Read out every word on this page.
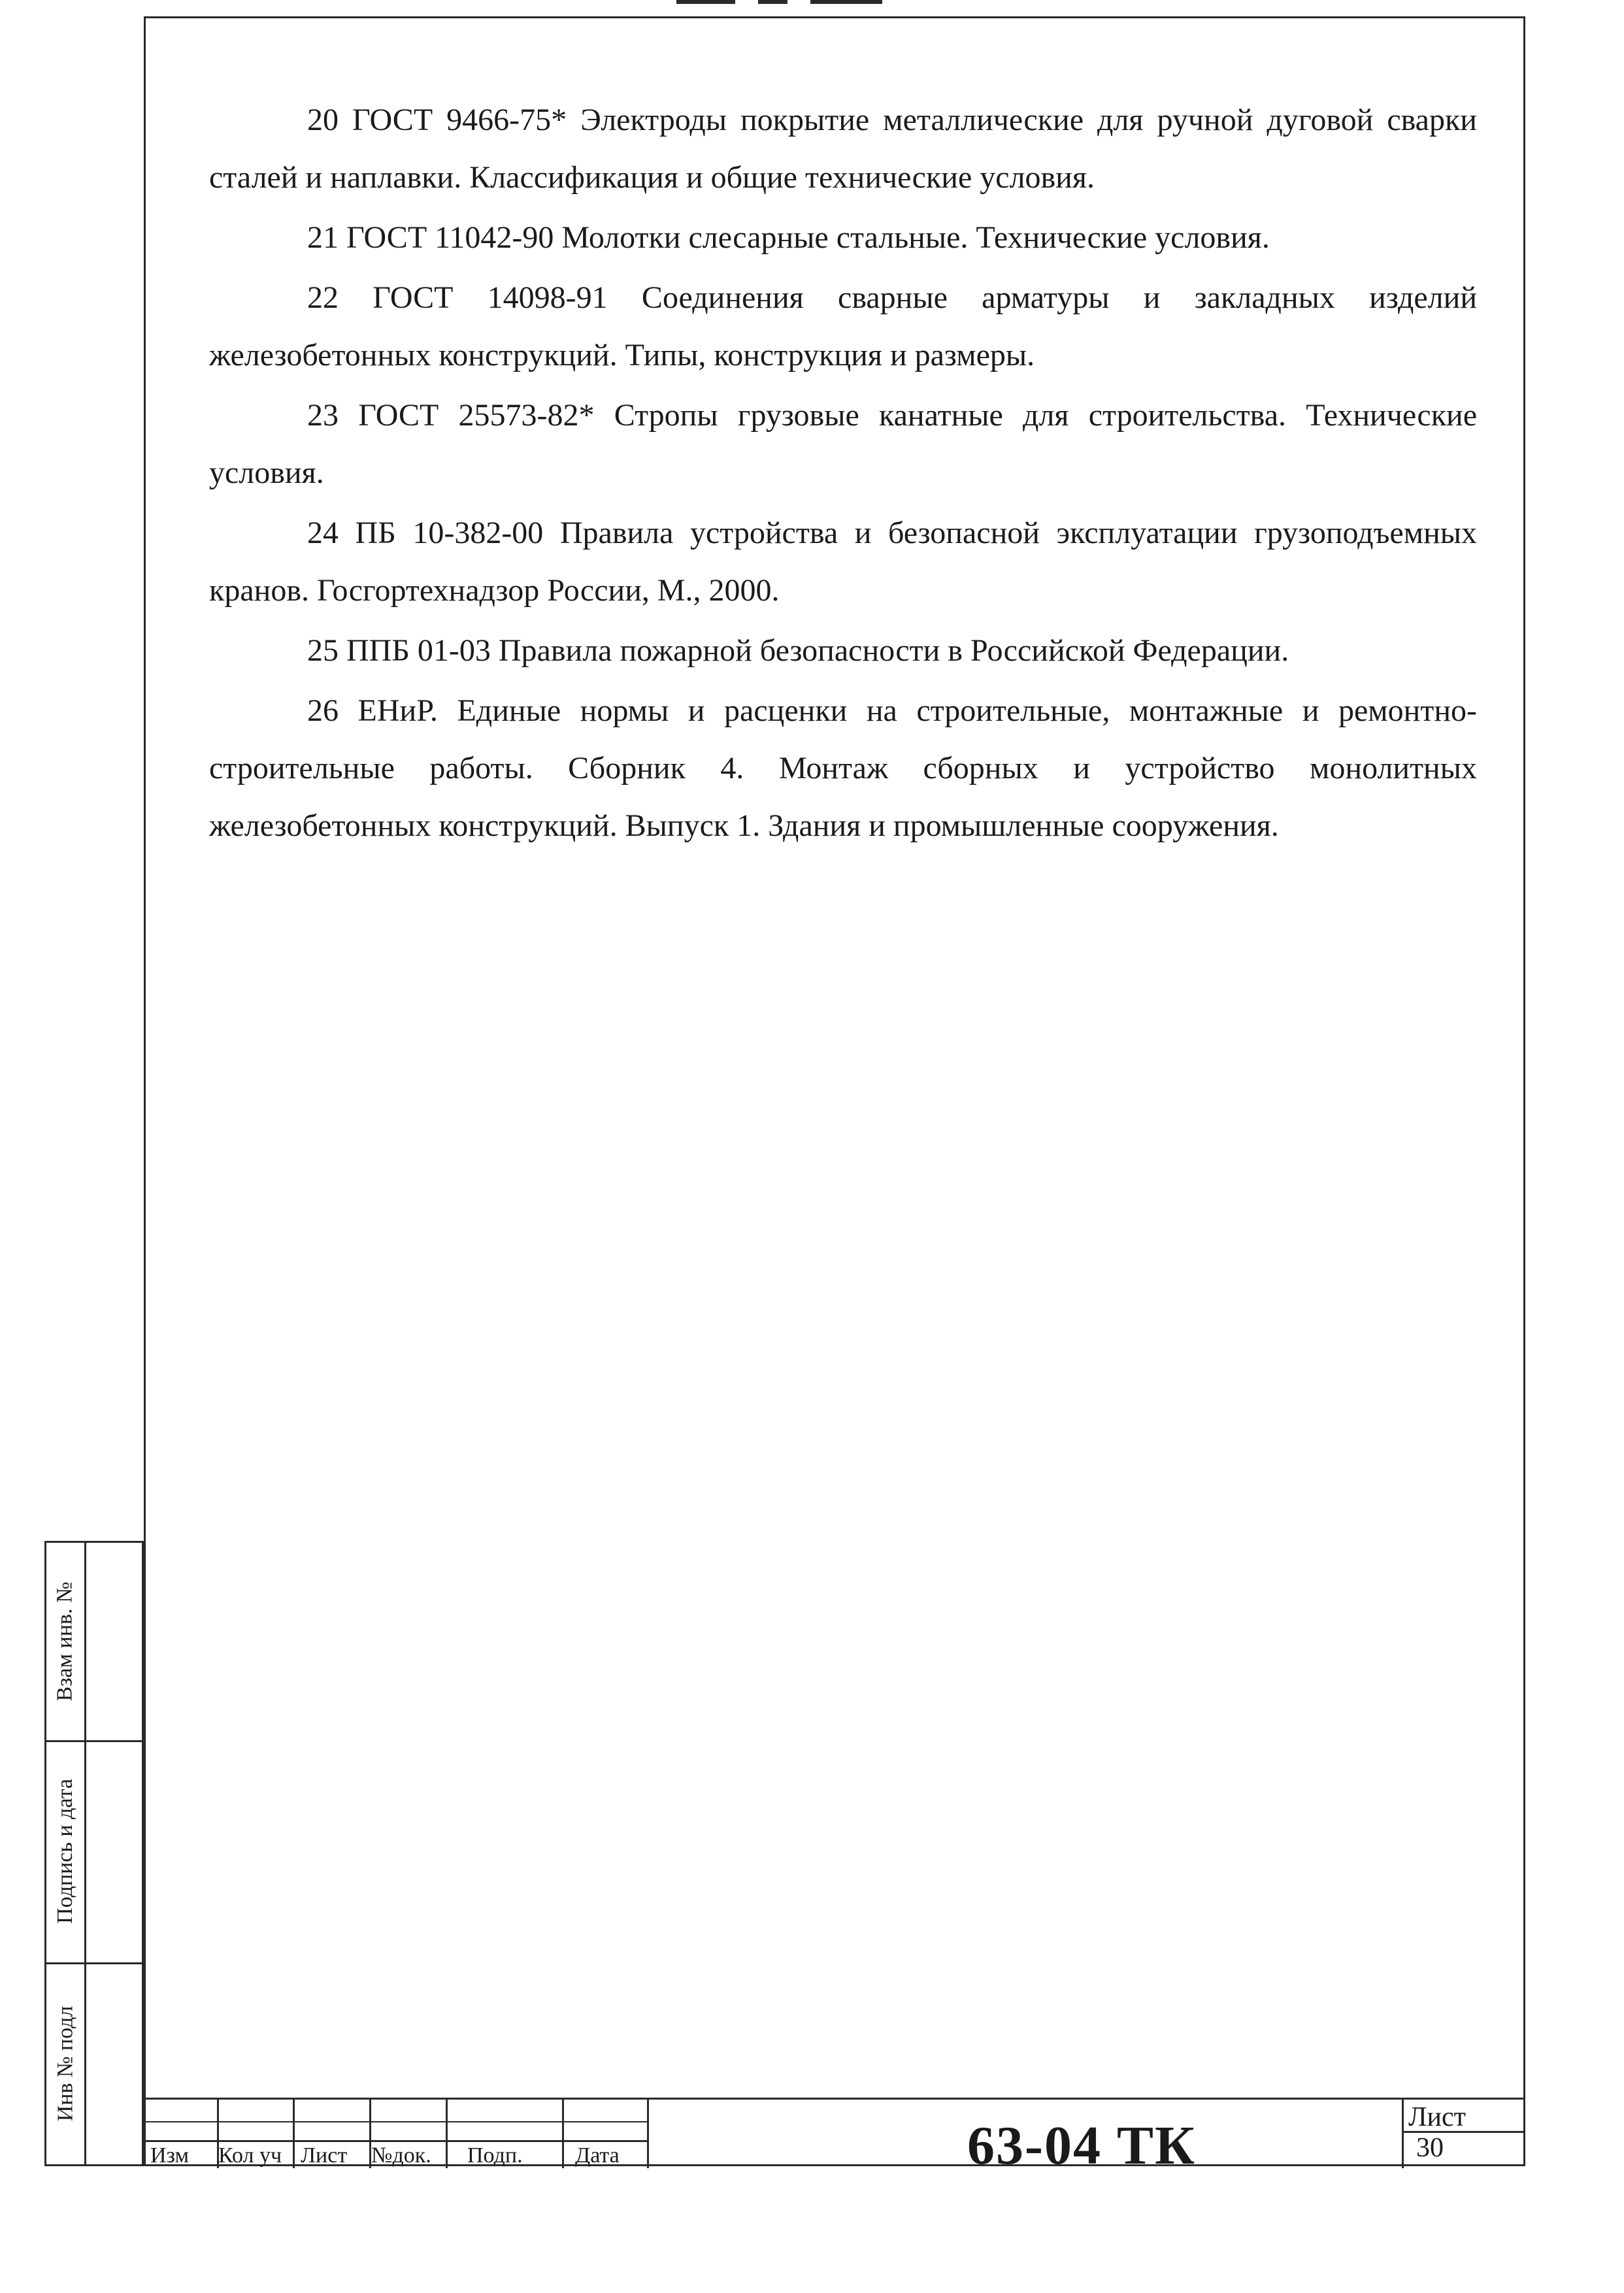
20 ГОСТ 9466-75* Электроды покрытие металлические для ручной дуговой сварки сталей и наплавки. Классификация и общие технические условия.

21 ГОСТ 11042-90 Молотки слесарные стальные. Технические условия.

22 ГОСТ 14098-91 Соединения сварные арматуры и закладных изделий железобетонных конструкций. Типы, конструкция и размеры.

23 ГОСТ 25573-82* Стропы грузовые канатные для строительства. Технические условия.

24 ПБ 10-382-00 Правила устройства и безопасной эксплуатации грузоподъемных кранов. Госгортехнадзор России, М., 2000.

25 ППБ 01-03 Правила пожарной безопасности в Российской Федерации.

26 ЕНиР. Единые нормы и расценки на строительные, монтажные и ремонтно-строительные работы. Сборник 4. Монтаж сборных и устройство монолитных железобетонных конструкций. Выпуск 1. Здания и промышленные сооружения.

Взам инв. №
Подпись и дата
Инв № подл
Изм Кол уч Лист №док. Подп. Дата	63-04 ТК	Лист
30
